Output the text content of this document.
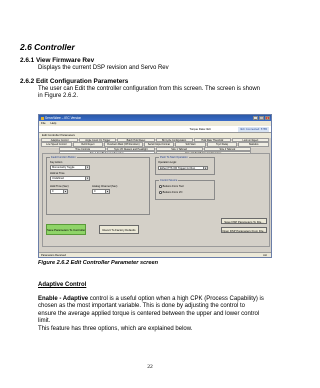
2.6 Controller
2.6.1 View Firmware Rev
Displays the current DSP revision and Servo Rev
2.6.2 Edit Configuration Parameters
The user can Edit the controller configuration from this screen. The screen is shown
in Figure 2.6.2.
ServoWare – IEC Version	_	□	×
File Help
Torque Data: IEC	IEC Connected: 5785
Edit Controller Parameters
Adaptive Control	Angle Count On Trigger	Batch Hold Reset	Bit Cycle Configuration	Hold Rate Threshold	Lock on Reject
Low Speed Control	Rehit Reject	Rundown Mark (Off Rundown)	Serial Output Format	Soft Start	Tcycl Delay	Statistics
Time Controls	Sync I/O Reason and Headlight	Size 1 Tabmod	Size 4 Tabmod
Fault Function Button
Key Action
Momentarily Toggle	▾
Hold at Time
Undefined	▾
Hold Time (Sec)
0	▴
Analog Channel (Sec)
0	▴
Push To Start Operation
Operation Logic
Either PTS OR Trigger for Run	▾
Control Source
Buttons From Tool
Buttons From I/O
Save Parameters To Controller	Revert To Factory Defaults
Save DSP Parameters To File...
Open DSP Parameters From File...
Parameters Received	ALI
Figure 2.6.2 Edit Controller Parameter screen
Adaptive Control
Enable - Adaptive control is a useful option when a high CPK (Process Capability) is
chosen as the most important variable. This is done by adjusting the control to
ensure the average applied torque is centered between the upper and lower control
limit.
This feature has three options, which are explained below.
22
